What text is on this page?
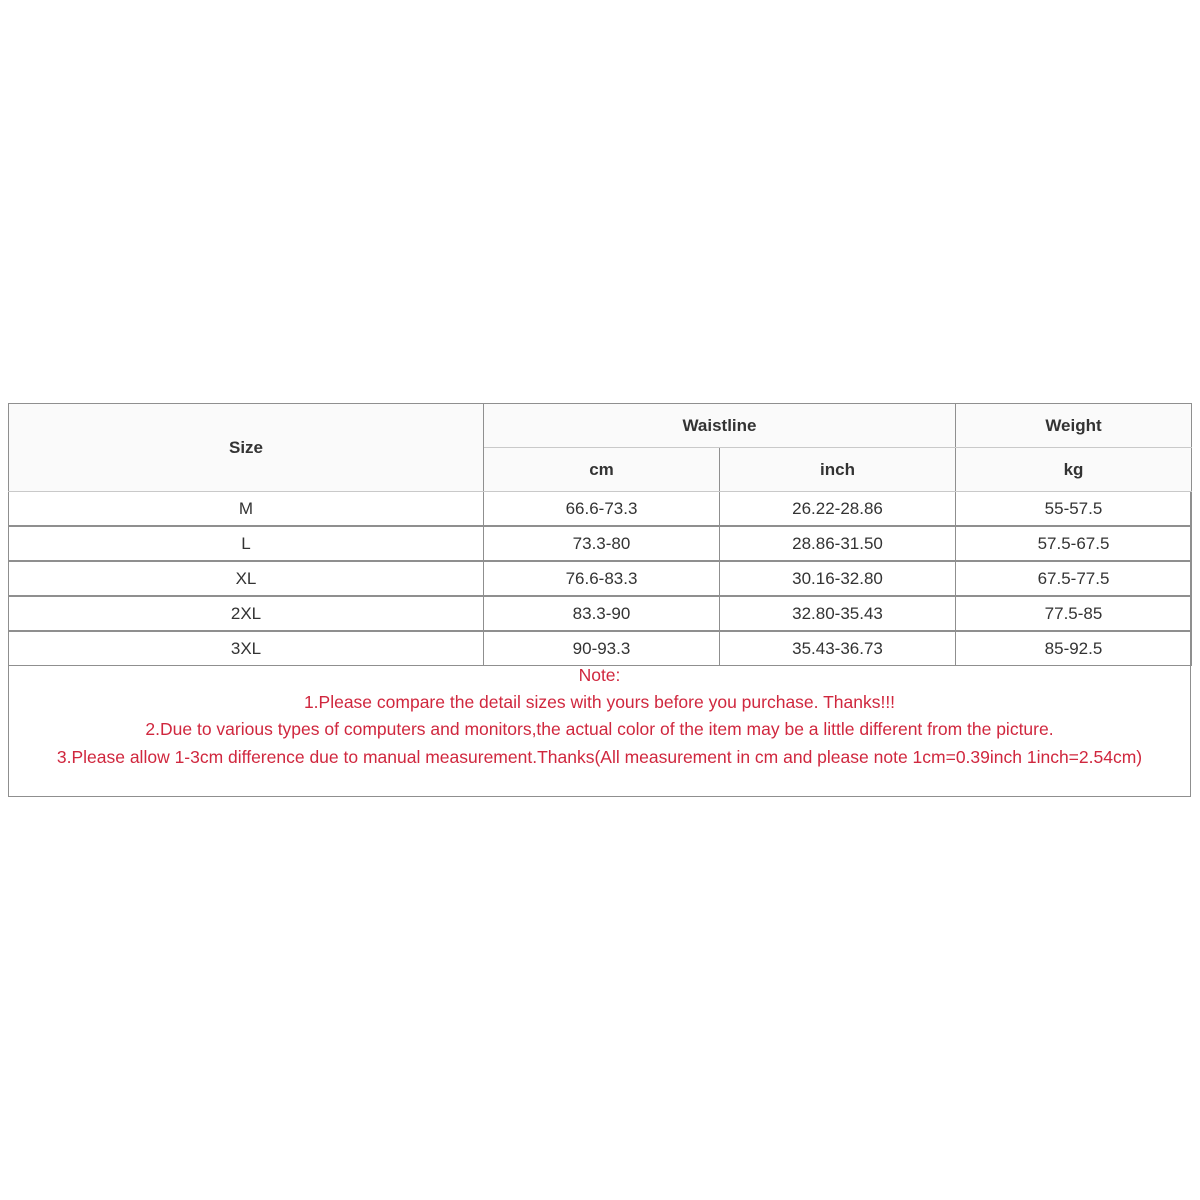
Size	Waistline		Weight
	cm	inch	kg
M	66.6-73.3	26.22-28.86	55-57.5
L	73.3-80	28.86-31.50	57.5-67.5
XL	76.6-83.3	30.16-32.80	67.5-77.5
2XL	83.3-90	32.80-35.43	77.5-85
3XL	90-93.3	35.43-36.73	85-92.5
Note:
1.Please compare the detail sizes with yours before you purchase. Thanks!!!
2.Due to various types of computers and monitors,the actual color of the item may be a little different from the picture.
3.Please allow 1-3cm difference due to manual measurement.Thanks(All measurement in cm and please note 1cm=0.39inch 1inch=2.54cm)
